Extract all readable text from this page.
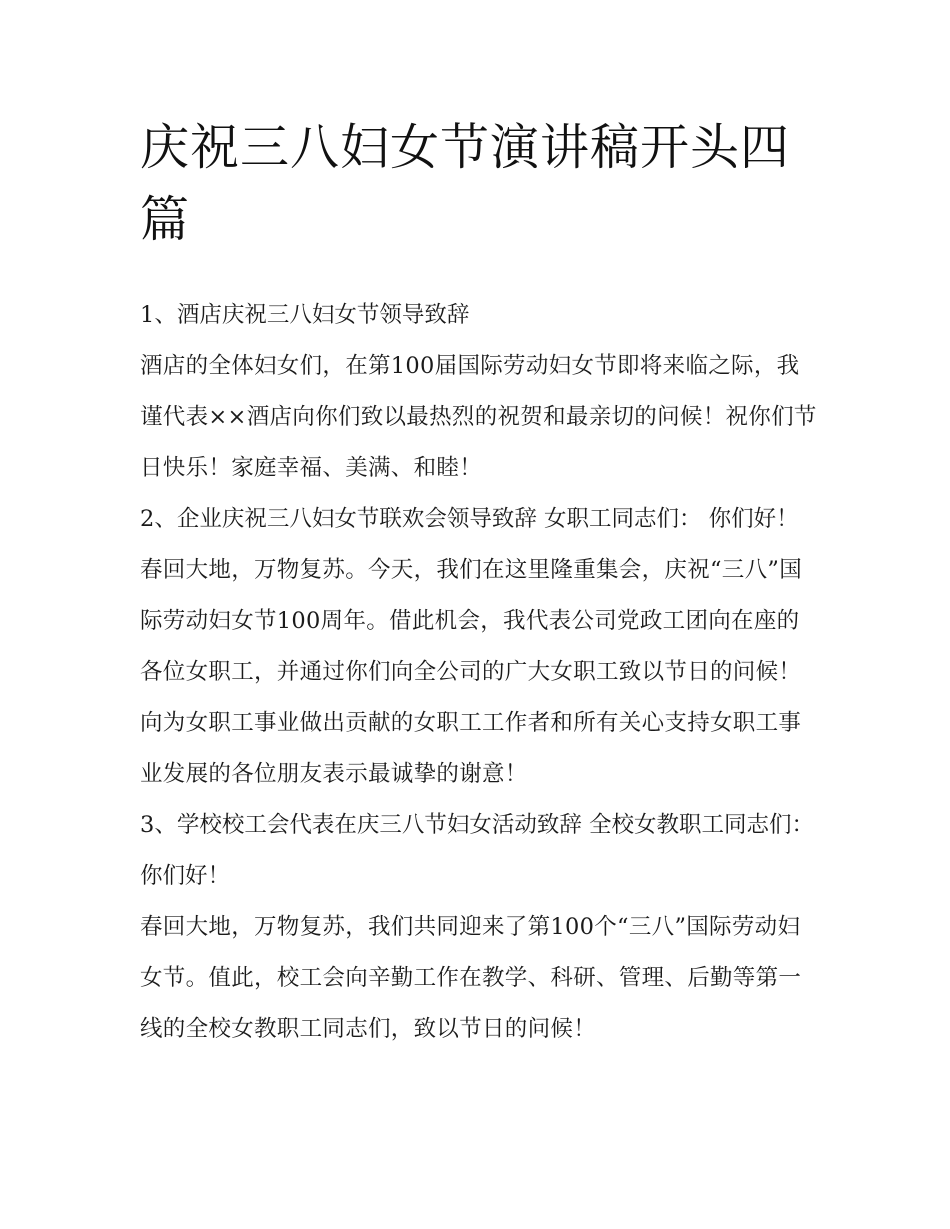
庆祝三八妇女节演讲稿开头四篇

1、酒店庆祝三八妇女节领导致辞

酒店的全体妇女们，在第100届国际劳动妇女节即将来临之际，我谨代表××酒店向你们致以最热烈的祝贺和最亲切的问候！祝你们节日快乐！家庭幸福、美满、和睦！

2、企业庆祝三八妇女节联欢会领导致辞 女职工同志们： 你们好！

春回大地，万物复苏。今天，我们在这里隆重集会，庆祝“三八”国际劳动妇女节100周年。借此机会，我代表公司党政工团向在座的各位女职工，并通过你们向全公司的广大女职工致以节日的问候！向为女职工事业做出贡献的女职工工作者和所有关心支持女职工事业发展的各位朋友表示最诚挚的谢意！

3、学校校工会代表在庆三八节妇女活动致辞 全校女教职工同志们： 你们好！

春回大地，万物复苏，我们共同迎来了第100个“三八”国际劳动妇女节。值此，校工会向辛勤工作在教学、科研、管理、后勤等第一线的全校女教职工同志们，致以节日的问候！
